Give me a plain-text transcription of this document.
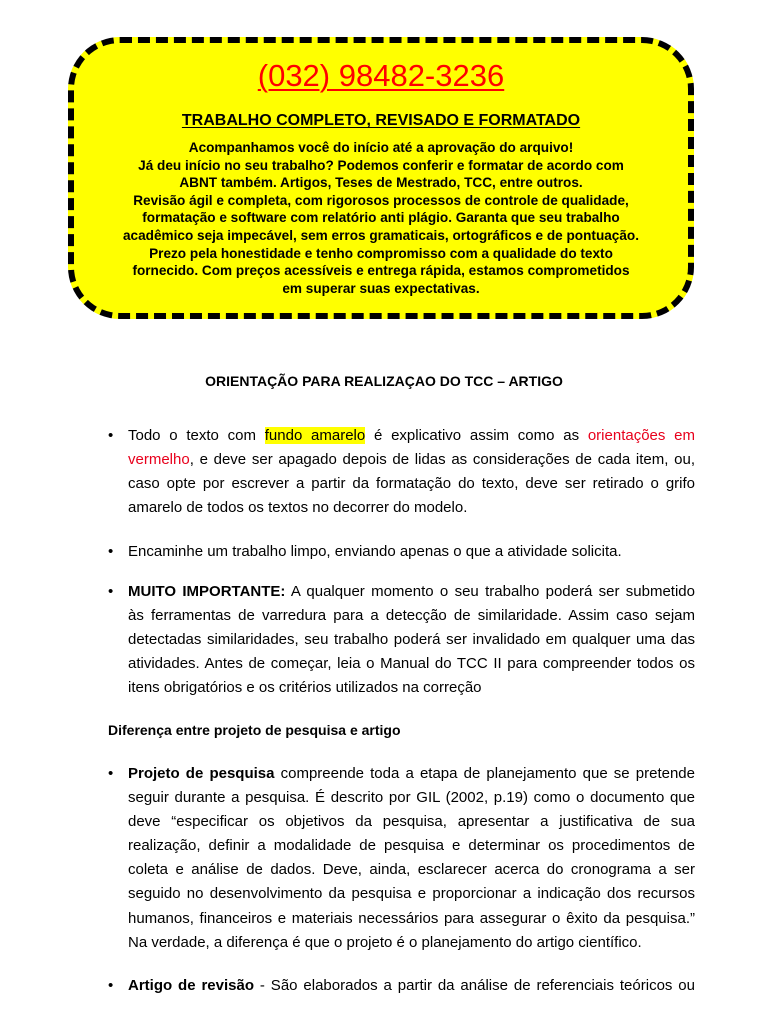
(032) 98482-3236
TRABALHO COMPLETO, REVISADO E FORMATADO

Acompanhamos você do início até a aprovação do arquivo!
Já deu início no seu trabalho? Podemos conferir e formatar de acordo com
ABNT também. Artigos, Teses de Mestrado, TCC, entre outros.
Revisão ágil e completa, com rigorosos processos de controle de qualidade,
formatação e software com relatório anti plágio. Garanta que seu trabalho
acadêmico seja impecável, sem erros gramaticais, ortográficos e de pontuação.
Prezo pela honestidade e tenho compromisso com a qualidade do texto
fornecido. Com preços acessíveis e entrega rápida, estamos comprometidos
em superar suas expectativas.

ORIENTAÇÃO PARA REALIZAÇAO DO TCC – ARTIGO
• Todo o texto com fundo amarelo é explicativo assim como as orientações em
vermelho, e deve ser apagado depois de lidas as considerações de cada item, ou,
caso opte por escrever a partir da formatação do texto, deve ser retirado o grifo
amarelo de todos os textos no decorrer do modelo.

• Encaminhe um trabalho limpo, enviando apenas o que a atividade solicita.

• MUITO IMPORTANTE: A qualquer momento o seu trabalho poderá ser submetido
às ferramentas de varredura para a detecção de similaridade. Assim caso sejam
detectadas similaridades, seu trabalho poderá ser invalidado em qualquer uma das
atividades. Antes de começar, leia o Manual do TCC II para compreender todos os
itens obrigatórios e os critérios utilizados na correção

Diferença entre projeto de pesquisa e artigo
• Projeto de pesquisa compreende toda a etapa de planejamento que se pretende
seguir durante a pesquisa. É descrito por GIL (2002, p.19) como o documento que
deve “especificar os objetivos da pesquisa, apresentar a justificativa de sua
realização, definir a modalidade de pesquisa e determinar os procedimentos de
coleta e análise de dados. Deve, ainda, esclarecer acerca do cronograma a ser
seguido no desenvolvimento da pesquisa e proporcionar a indicação dos recursos
humanos, financeiros e materiais necessários para assegurar o êxito da pesquisa.”
Na verdade, a diferença é que o projeto é o planejamento do artigo científico.

• Artigo de revisão - São elaborados a partir da análise de referenciais teóricos ou
